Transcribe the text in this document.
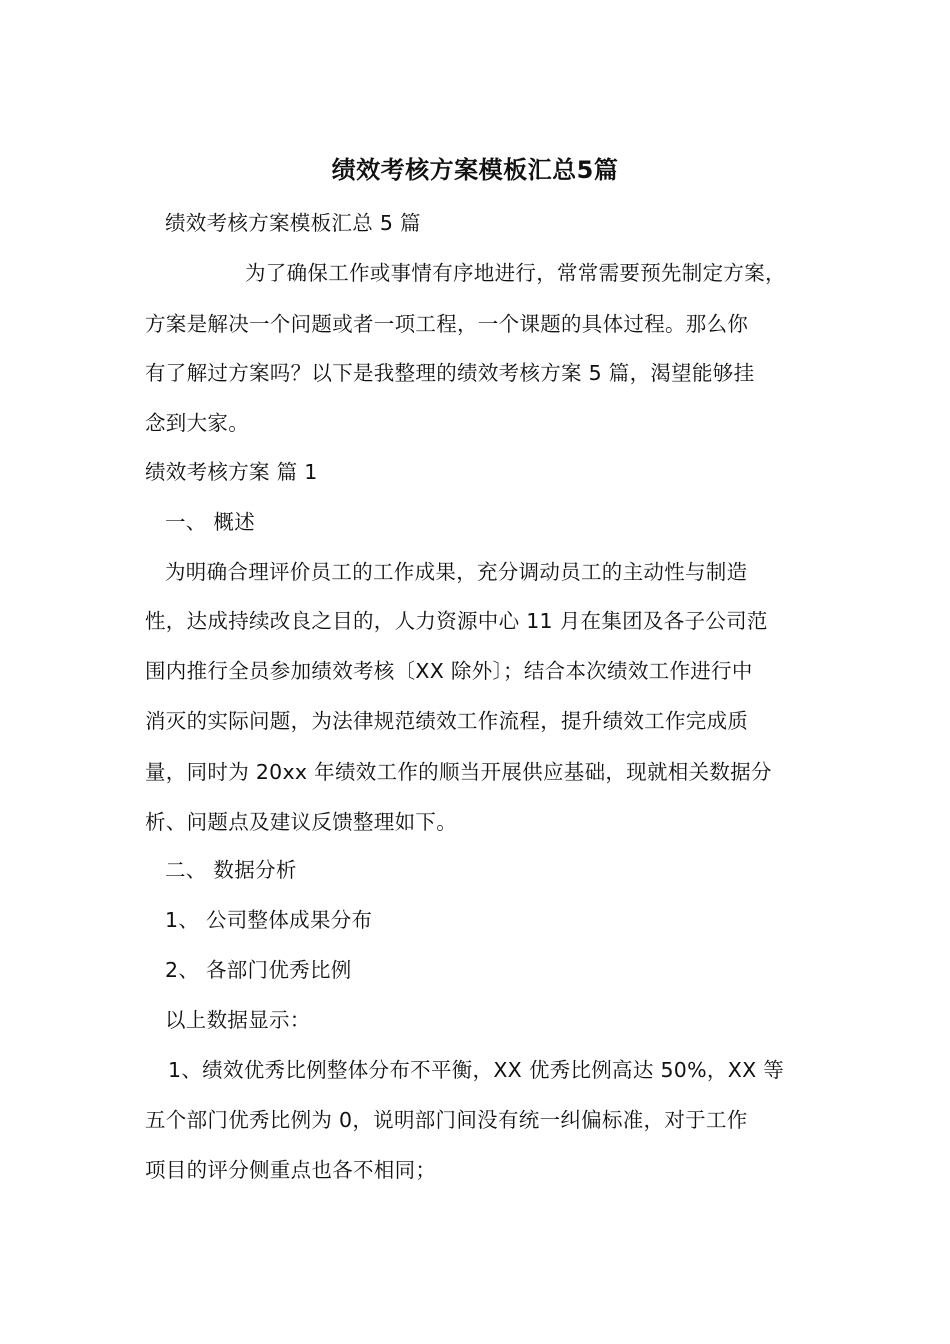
绩效考核方案模板汇总5篇
绩效考核方案模板汇总 5 篇
为了确保工作或事情有序地进行，常常需要预先制定方案，
方案是解决一个问题或者一项工程，一个课题的具体过程。那么你
有了解过方案吗？以下是我整理的绩效考核方案 5 篇，渴望能够挂
念到大家。
绩效考核方案 篇 1
一、 概述
为明确合理评价员工的工作成果，充分调动员工的主动性与制造
性，达成持续改良之目的，人力资源中心 11 月在集团及各子公司范
围内推行全员参加绩效考核〔XX 除外〕；结合本次绩效工作进行中
消灭的实际问题，为法律规范绩效工作流程，提升绩效工作完成质
量，同时为 20xx 年绩效工作的顺当开展供应基础，现就相关数据分
析、问题点及建议反馈整理如下。
二、 数据分析
1、 公司整体成果分布
2、 各部门优秀比例
以上数据显示：
1、绩效优秀比例整体分布不平衡，XX 优秀比例高达 50%，XX 等
五个部门优秀比例为 0，说明部门间没有统一纠偏标准，对于工作
项目的评分侧重点也各不相同；
